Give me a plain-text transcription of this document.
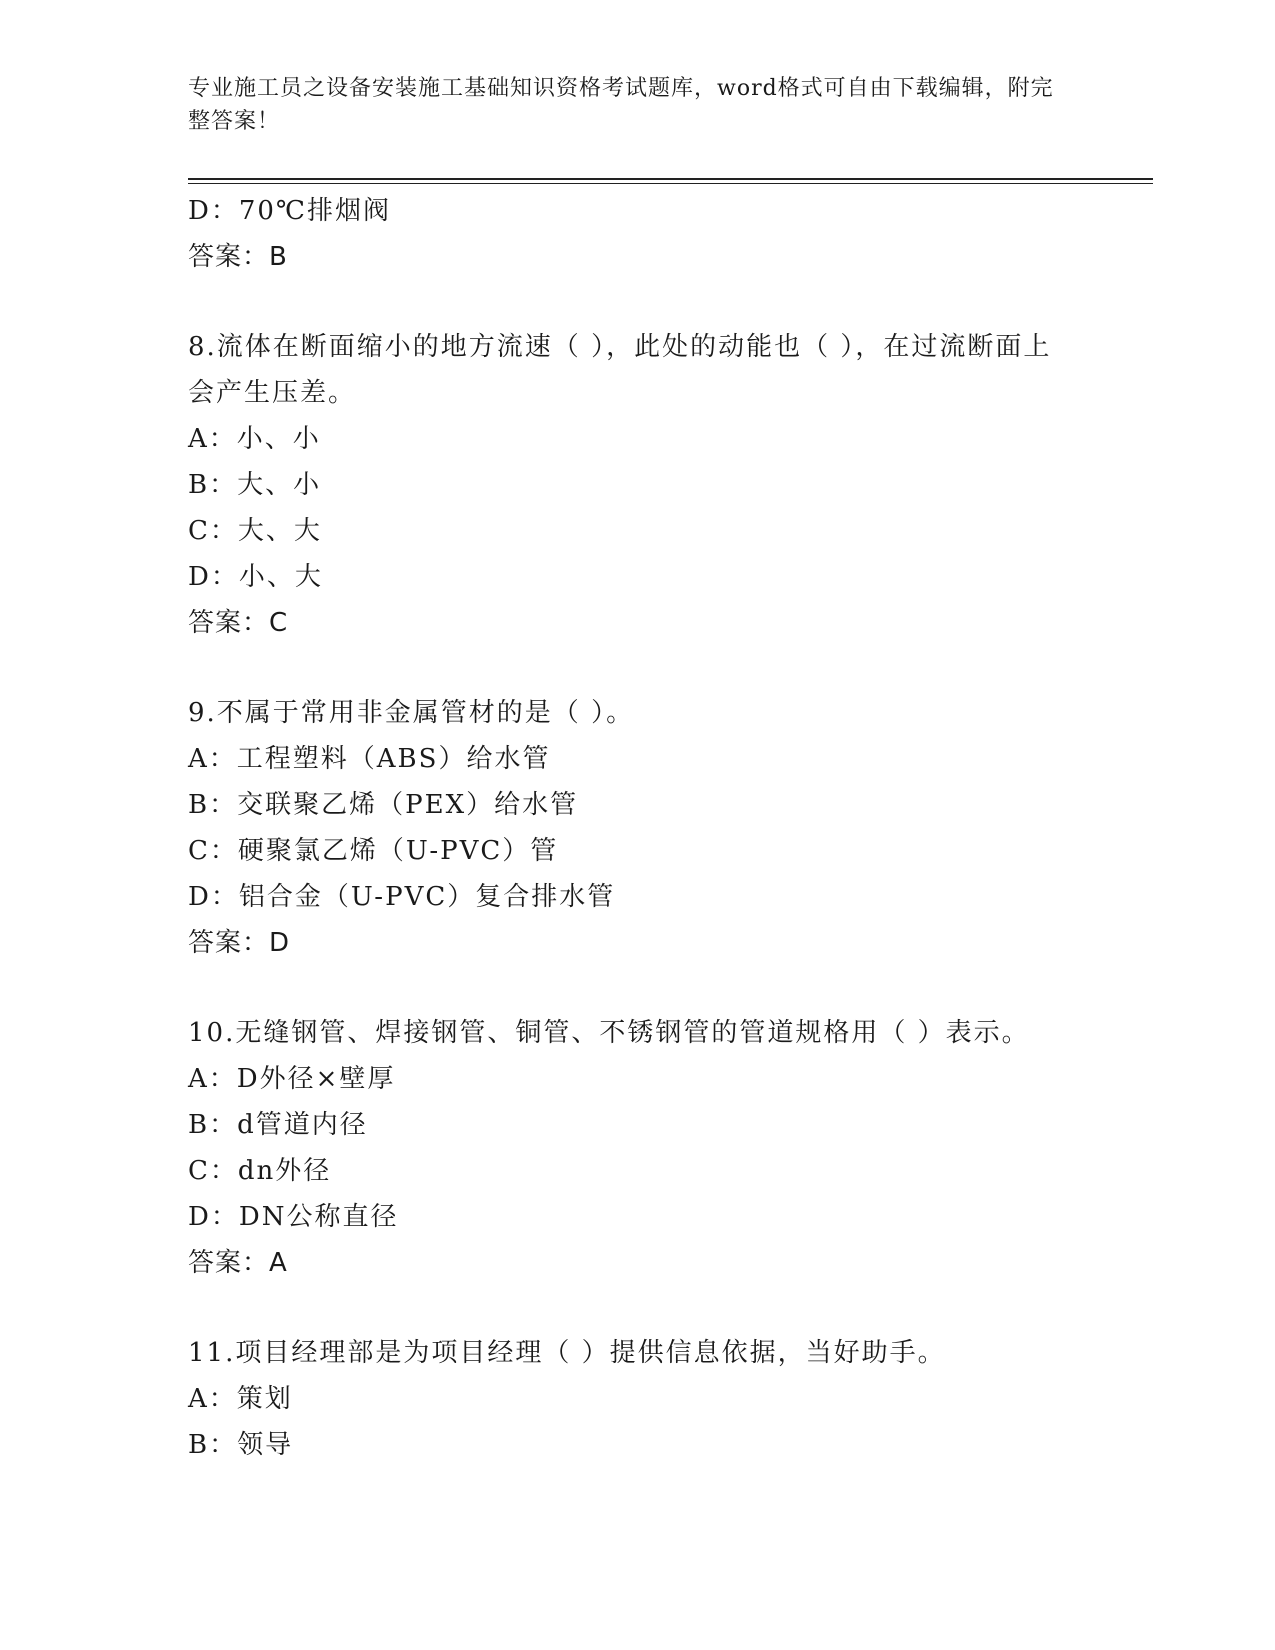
专业施工员之设备安装施工基础知识资格考试题库，word格式可自由下载编辑，附完整答案！
D：70℃排烟阀
答案：B
8.流体在断面缩小的地方流速（ ），此处的动能也（ ），在过流断面上会产生压差。
A：小、小
B：大、小
C：大、大
D：小、大
答案：C
9.不属于常用非金属管材的是（ ）。
A：工程塑料（ABS）给水管
B：交联聚乙烯（PEX）给水管
C：硬聚氯乙烯（U-PVC）管
D：铝合金（U-PVC）复合排水管
答案：D
10.无缝钢管、焊接钢管、铜管、不锈钢管的管道规格用（ ）表示。
A：D外径×壁厚
B：d管道内径
C：dn外径
D：DN公称直径
答案：A
11.项目经理部是为项目经理（ ）提供信息依据，当好助手。
A：策划
B：领导
